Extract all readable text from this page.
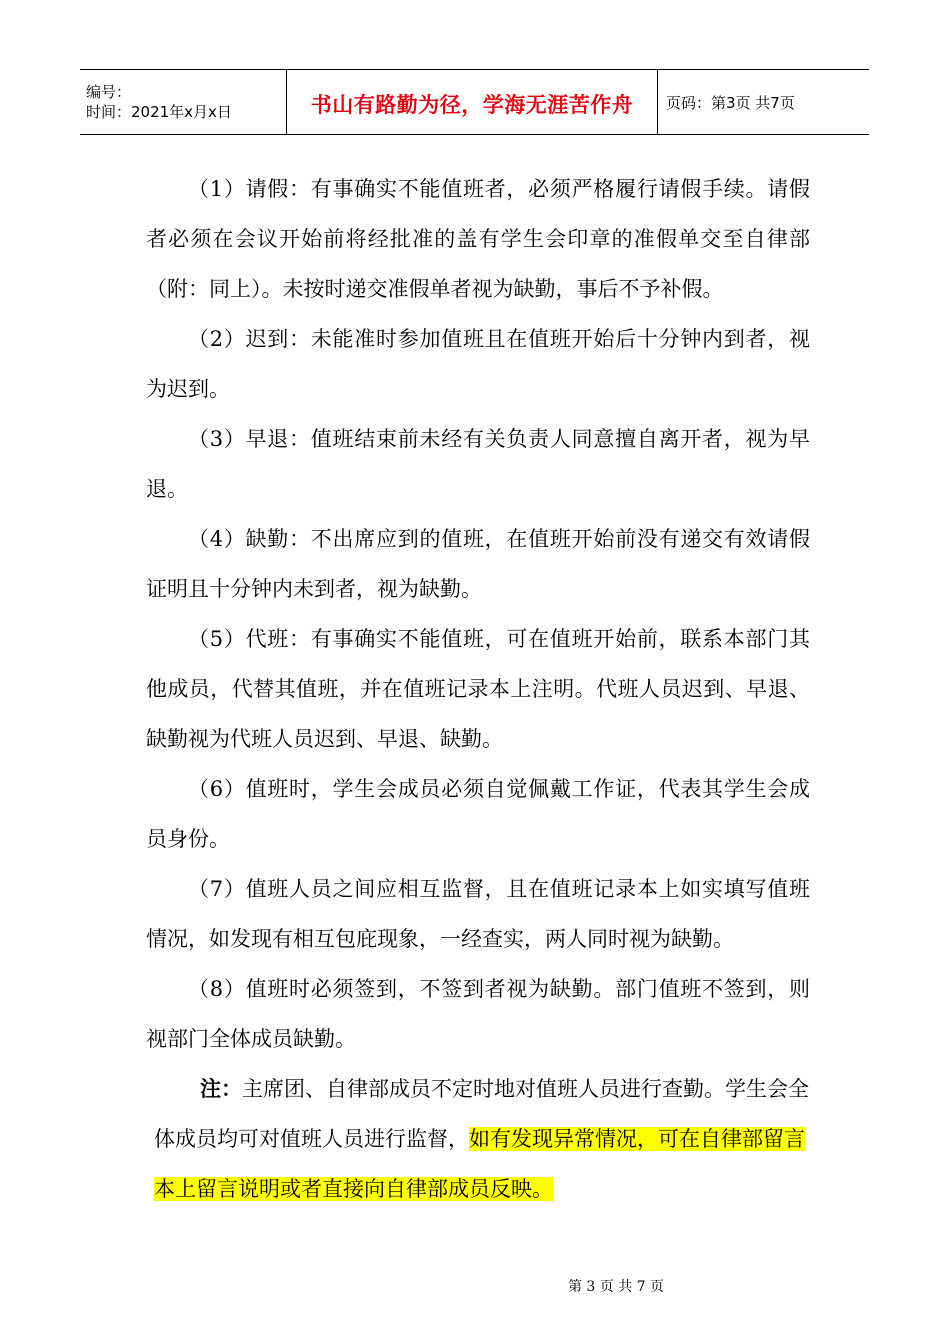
编号：
时间：2021年x月x日	书山有路勤为径，学海无涯苦作舟	页码：第3页 共7页

（1）请假：有事确实不能值班者，必须严格履行请假手续。请假者必须在会议开始前将经批准的盖有学生会印章的准假单交至自律部（附：同上）。未按时递交准假单者视为缺勤，事后不予补假。

（2）迟到：未能准时参加值班且在值班开始后十分钟内到者，视为迟到。

（3）早退：值班结束前未经有关负责人同意擅自离开者，视为早退。

（4）缺勤：不出席应到的值班，在值班开始前没有递交有效请假证明且十分钟内未到者，视为缺勤。

（5）代班：有事确实不能值班，可在值班开始前，联系本部门其他成员，代替其值班，并在值班记录本上注明。代班人员迟到、早退、缺勤视为代班人员迟到、早退、缺勤。

（6）值班时，学生会成员必须自觉佩戴工作证，代表其学生会成员身份。

（7）值班人员之间应相互监督，且在值班记录本上如实填写值班情况，如发现有相互包庇现象，一经查实，两人同时视为缺勤。

（8）值班时必须签到，不签到者视为缺勤。部门值班不签到，则视部门全体成员缺勤。

注：主席团、自律部成员不定时地对值班人员进行查勤。学生会全体成员均可对值班人员进行监督，如有发现异常情况，可在自律部留言本上留言说明或者直接向自律部成员反映。

第 3 页 共 7 页
